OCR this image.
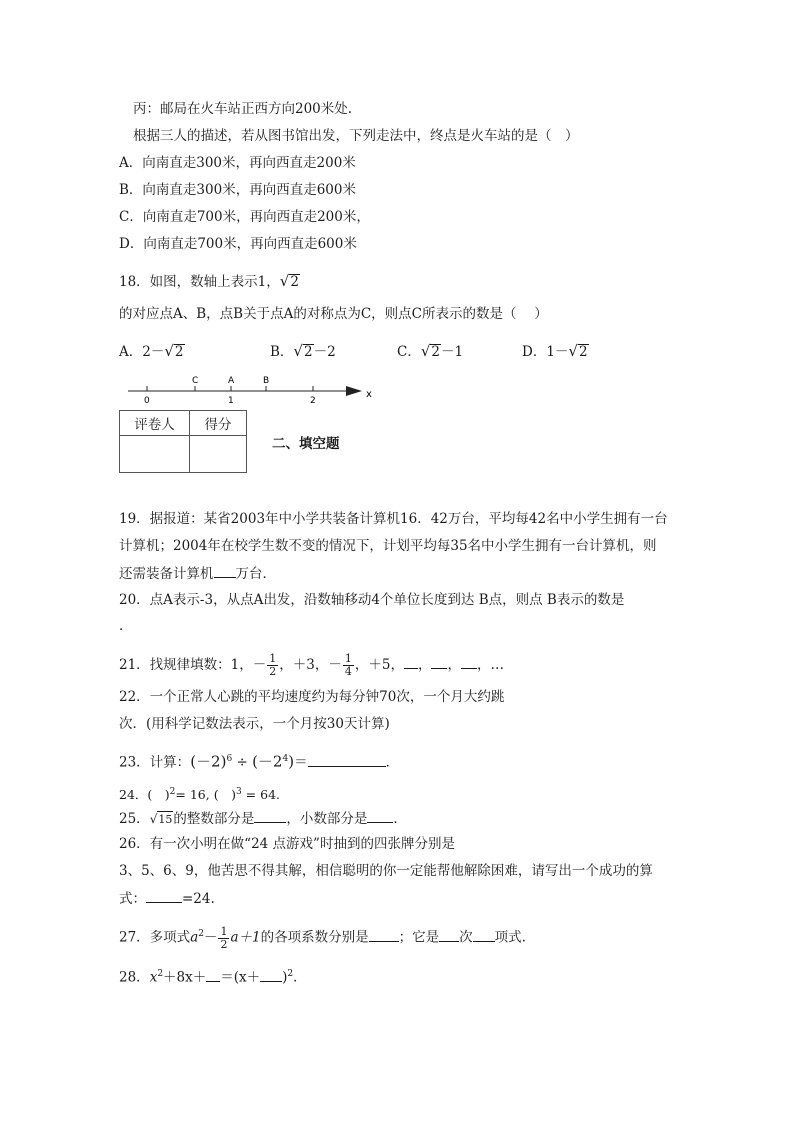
丙：邮局在火车站正西方向200米处.
根据三人的描述，若从图书馆出发，下列走法中，终点是火车站的是（　）
A．向南直走300米，再向西直走200米
B．向南直走300米，再向西直走600米
C．向南直走700米，再向西直走200米，
D．向南直走700米，再向西直走600米
18．如图，数轴上表示1，√2
的对应点A、B，点B关于点A的对称点为C，则点C所表示的数是（　 ）
A．2－√2	B．√2－2	C．√2－1	D．1－√2
C	A	B
0	1	2
x
评卷人	得分

二、填空题
19．据报道：某省2003年中小学共装备计算机16．42万台，平均每42名中小学生拥有一台
计算机；2004年在校学生数不变的情况下，计划平均每35名中小学生拥有一台计算机，则
还需装备计算机 万台．
20．点A表示-3，从点A出发，沿数轴移动4个单位长度到达 B点，则点 B表示的数是
．
21．找规律填数：1，－ $\frac{1}{2}$ ，＋3，－ $\frac{1}{4}$ ，＋5， ， ， ，…
22．一个正常人心跳的平均速度约为每分钟70次，一个月大约跳
次．(用科学记数法表示，一个月按30天计算)
23．计算：$(-2)^6 \div (-2^4)=$	．
24．(　)$^2$= 16, (　)$^3$ = 64.
25．√15的整数部分是 ，小数部分是 ．
26．有一次小明在做“24 点游戏”时抽到的四张牌分别是
3、5、6、9，他苦思不得其解，相信聪明的你一定能帮他解除困难，请写出一个成功的算
式：	=24.
27．多项式$a^2- \frac{1}{2} a+1$的各项系数分别是 ；它是 次 项式.
28．$x^2+8x+ =(x+ )^2$．
